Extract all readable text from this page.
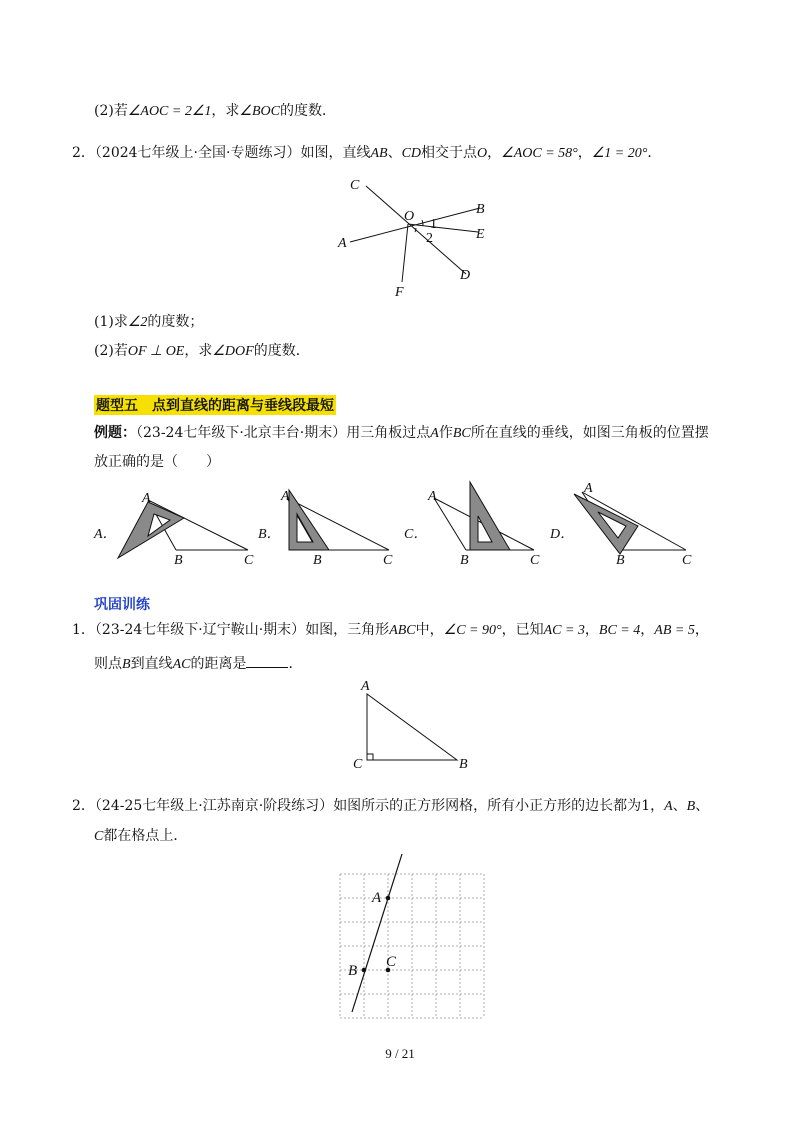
(2)若∠AOC = 2∠1，求∠BOC的度数．
2．（2024七年级上·全国·专题练习）如图，直线AB、CD相交于点O，∠AOC = 58°，∠1 = 20°．
C
O
1
2
B
A
E
D
F
(1)求∠2的度数；
(2)若OF ⊥ OE，求∠DOF的度数．
题型五　点到直线的距离与垂线段最短
例题：（23-24七年级下·北京丰台·期末）用三角板过点A作BC所在直线的垂线，如图三角板的位置摆
放正确的是（　　）
A．
A
B	C
B．
A
B	C
C．
A
B	C
D．
A
B	C
巩固训练
1．（23-24七年级下·辽宁鞍山·期末）如图，三角形ABC中，∠C = 90°，已知AC = 3，BC = 4，AB = 5，
则点B到直线AC的距离是	．
A
C	B
2．（24-25七年级上·江苏南京·阶段练习）如图所示的正方形网格，所有小正方形的边长都为1，A、B、
C都在格点上．
A
B
C
9 / 21
